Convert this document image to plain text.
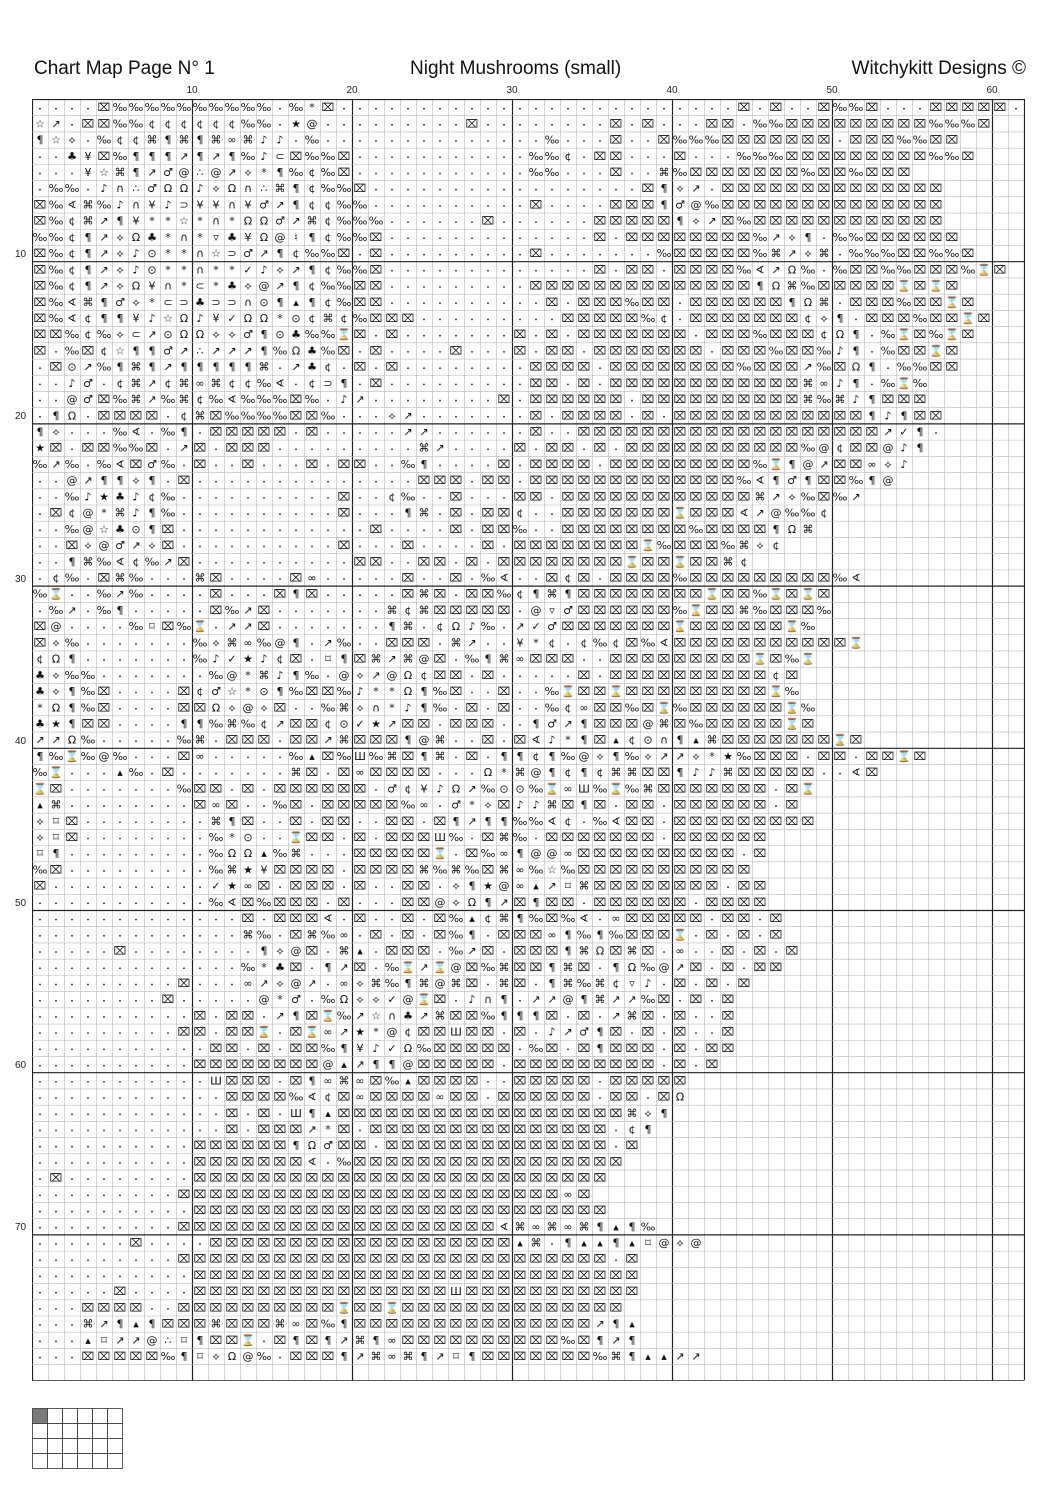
Chart Map Page N° 1	Night Mushrooms (small)	Witchykitt Designs ©
10	20	30	40	50	60
10
20
30
40
50
60
70
⌧ ‰ ‰ ‰ ‰ ‰ ‰ ‰ ‰ ‰ ‰ ‰ * ⌧	⌧ ⌧	⌧ ‰ ‰ ⌧	⌧ ⌧ ⌧ ⌧ ⌧
☆ ↗ ⌧ ⌧ ‰ ‰ ¢ ¢ ¢ ¢ ¢ ¢ ‰ ‰ ★ @	⌧	⌧ ⌧	⌧ ⌧ ‰ ‰ ⌧ ⌧ ⌧ ⌧ ⌧ ⌧ ⌧ ⌧ ⌧ ‰ ‰ ‰ ⌧
¶ ☆ ⟡ ‰ ¢ ¢ ⌘ ¶ ⌘ ¶ ⌘ ∞ ⌘ ♪ ♪ ‰	‰	⌧	⌧ ‰ ‰ ‰ ⌧ ⌧ ⌧ ⌧ ⌧ ⌧ ⌧ ⌧ ⌧ ⌧ ‰ ‰ ⌧ ⌧
♣ ¥ ⌧ ‰ ¶ ¶ ¶ ↗ ¶ ↗ ¶ ‰ ♪ ⊂ ⌧ ‰ ‰ ⌧	‰ ‰ ¢ ⌧ ⌧	⌧	‰ ‰ ‰ ⌧ ⌧ ⌧ ⌧ ⌧ ⌧ ⌧ ⌧ ⌧ ‰ ‰ ⌧
¥ ☆ ⌘ ¶ ↗ ♂ @ ∴ @ ↗ ⟡ * ¶ ‰ ¢ ‰ ⌧	‰ ‰	⌧	⌘ ‰ ⌧ ⌧ ⌧ ⌧ ⌧ ⌧ ⌧ ‰ ⌧ ⌧ ‰ ⌧ ⌧ ⌧
‰ ‰ ♪ ∩ ∴ ♂ Ω Ω ♪ ⟡ Ω ∩ ∴ ⌘ ¶ ¢ ‰ ‰ ⌧	⌧ ¶ ⟡ ↗ ⌧ ⌧ ⌧ ⌧ ⌧ ⌧ ⌧ ⌧ ⌧ ⌧ ⌧ ⌧ ⌧ ⌧
⌧ ‰ ∢ ⌘ ‰ ♪ ∩ ¥ ♪ ⊃ ¥ ¥ ∩ ¥ ♂ ↗ ¶ ¢ ¢ ‰ ‰	⌧	⌧ ⌧ ⌧ ¶ ♂ @ ‰ ⌧ ⌧ ⌧ ⌧ ⌧ ⌧ ⌧ ⌧ ⌧ ⌧ ⌧ ⌧ ⌧ ⌧
⌧ ‰ ¢ ⌘ ↗ ¶ ¥ * * ☆ * ∩ * Ω Ω ♂ ↗ ⌘ ¢ ‰ ‰ ‰	⌧	⌧ ⌧ ⌧ ⌧ ⌧ ¶ ⟡ ↗ ⌧ ‰ ⌧ ⌧ ⌧ ⌧ ⌧ ⌧ ⌧ ⌧ ⌧ ⌧ ⌧ ⌧
‰ ‰ ¢ ¶ ↗ ⟡ Ω ♣ * ∩ * ▿ ♣ ¥ Ω @ ♮ ¶ ¢ ‰ ‰ ⌧	⌧ ⌧ ⌧ ⌧ ⌧ ⌧ ⌧ ⌧ ⌧ ‰ ↗ ⟡ ¶ ‰ ‰ ⌧ ⌧ ⌧ ⌧ ⌧ ⌧
⌧ ‰ ¢ ¶ ↗ ⟡ ♪ ⊙ * * ∩ ☆ ⊃ ♂ ↗ ¶ ¢ ‰ ‰ ⌧ ⌧	⌧	‰ ⌧ ⌧ ⌧ ⌧ ⌧ ‰ ⌘ ↗ ⟡ ⌘ ‰ ‰ ‰ ⌧ ⌧ ‰ ‰ ⌧
⌧ ‰ ¢ ¶ ↗ ⟡ ♪ ⊙ * * ∩ * * ✓ ♪ ⟡ ↗ ¶ ¢ ‰ ‰ ⌧	⌧ ⌧ ⌧ ⌧ ⌧ ⌧ ⌧ ‰ ∢ ↗ Ω ‰ ‰ ⌧ ⌧ ‰ ‰ ⌧ ⌧ ⌧ ‰ ⌛ ⌧
⌧ ‰ ¢ ¶ ↗ ⟡ Ω ¥ ∩ * ⊂ * ♣ ⟡ @ ↗ ¶ ¢ ‰ ‰ ⌧ ⌧	⌧ ⌧ ⌧ ⌧ ⌧ ⌧ ⌧ ⌧ ⌧ ⌧ ⌧ ⌧ ⌧ ⌧ ¶ Ω ⌘ ‰ ⌧ ⌧ ⌧ ⌧ ⌧ ⌛ ⌧ ⌛ ⌧
⌧ ‰ ∢ ⌘ ¶ ♂ ⟡ * ⊂ ⊃ ♣ ⊃ ⊃ ∩ ⊙ ¶ ▴ ¶ ¢ ‰ ⌧ ⌧	⌧ ⌧ ⌧ ⌧ ‰ ⌧ ⌧ ⌧ ⌧ ⌧ ⌧ ⌧ ⌧ ¶ Ω ⌘ ⌧ ⌧ ⌧ ‰ ⌧ ⌧ ⌛ ⌧
⌧ ‰ ∢ ¢ ¶ ¶ ¥ ♪ ☆ Ω ♪ ¥ ✓ Ω Ω * ⊙ ¢ ⌘ ¢ ‰ ⌧ ⌧ ⌧	⌧ ⌧ ⌧ ⌧ ⌧ ‰ ¢ ⌧ ⌧ ⌧ ⌧ ⌧ ⌧ ⌧ ¢ ⟡ ¶ ⌧ ⌧ ⌧ ‰ ⌧ ⌧ ⌛ ⌧
⌧ ⌧ ‰ ¢ ‰ ⟡ ⊂ ↗ ⊙ Ω Ω ⟡ ⟡ ♂ ¶ ⊙ ♣ ‰ ‰ ⌛ ⌧ ⌧	⌧ ⌧ ⌧ ⌧ ⌧ ⌧ ⌧ ⌧ ⌧ ⌧ ⌧ ⌧ ‰ ⌧ ⌧ ⌧ ¢ Ω ¶ ‰ ⌛ ⌧ ‰ ⌛ ⌧
⌧ ‰ ⌧ ¢ ☆ ¶ ¶ ♂ ↗ ∴ ↗ ↗ ↗ ¶ ‰ Ω ♣ ‰ ⌧ ⌧	⌧	⌧ ⌧ ⌧ ⌧ ⌧ ⌧ ⌧ ⌧ ⌧ ⌧ ⌧ ⌧ ⌧ ‰ ⌧ ⌧ ‰ ♪ ¶ ‰ ⌧ ⌧ ⌛ ⌧
⌧ ⊙ ↗ ‰ ¶ ⌘ ¶ ↗ ¶ ¶ ¶ ¶ ¶ ⌘ ↗ ♣ ¢ ⌧ ⌧	⌧ ⌧ ⌧ ⌧ ⌧ ⌧ ⌧ ⌧ ⌧ ⌧ ⌧ ⌧ ‰ ⌧ ⌧ ⌧ ↗ ‰ ⌧ Ω ¶ ‰ ‰ ⌧ ⌧
♪ ♂ ¢ ⌘ ↗ ¢ ⌘ ∞ ⌘ ¢ ¢ ‰ ∢ ¢ ⊃ ¶ ⌧	⌧ ⌧ ⌧ ⌧ ⌧ ⌧ ⌧ ⌧ ⌧ ⌧ ⌧ ⌧ ⌧ ⌧ ⌧ ⌘ ∞ ♪ ¶ ‰ ⌛ ‰
@ ♂ ⌧ ‰ ⌘ ↗ ‰ ⌘ ¢ ‰ ∢ ‰ ‰ ‰ ⌧ ‰ ♪ ↗	⌧ ⌧ ⌧ ⌧ ⌧ ⌧ ⌧ ⌧ ⌧ ⌧ ⌧ ⌧ ⌧ ⌧ ⌧ ⌧ ⌧ ⌘ ‰ ⌘ ♪ ¶ ⌧ ⌧ ⌧
¶ Ω ⌧ ⌧ ⌧ ⌧ ¢ ⌘ ⌧ ‰ ‰ ‰ ‰ ⌧ ⌧ ‰	⟡ ↗	⌧ ⌧ ⌧ ⌧ ⌧ ⌧ ⌧ ⌧ ⌧ ⌧ ⌧ ⌧ ⌧ ⌧ ⌧ ⌧ ⌧ ⌧ ¶ ♪ ¶ ⌧ ⌧
¶ ⟡	‰ ∢ ‰ ¶ ⌧ ⌧ ⌧ ⌧ ⌧ ⌧	↗ ↗	⌧	⌧ ⌧ ⌧ ⌧ ⌧ ⌧ ⌧ ⌧ ⌧ ⌧ ⌧ ⌧ ⌧ ⌧ ⌧ ⌧ ⌧ ⌧ ⌧ ↗ ✓ ¶
★ ⌧ ⌧ ⌧ ‰ ‰ ⌧ ↗ ⌧ ⌧ ⌧ ⌧	⌘ ↗	⌧ ⌧ ⌧ ⌧ ⌧ ⌧ ⌧ ⌧ ⌧ ⌧ ⌧ ⌧ ⌧ ⌧ ⌧ ‰ @ ¢ ⌧ ⌧ @ ♪ ¶
‰ ↗ ‰ ‰ ∢ ⌧ ♂ ‰ ⌧	⌧	⌧ ⌧ ⌧	‰ ¶	⌧ ⌧ ⌧ ⌧ ⌧ ⌧ ⌧ ⌧ ⌧ ⌧ ⌧ ⌧ ⌧ ⌧ ‰ ⌛ ¶ @ ↗ ⌧ ⌧ ∞ ⟡ ♪
@ ↗ ¶ ¶ ⟡ ¶ ⌧	⌧ ⌧ ⌧ ⌧ ⌧ ⌧ ⌧ ⌧ ⌧ ⌧ ⌧ ⌧ ⌧ ⌧ ⌧ ⌧ ⌧ ⌧ ‰ ∢ ¶ ♂ ¶ ⌧ ⌧ ‰ ¶ @
‰ ♪ ★ ♣ ♪ ¢ ‰	⌧	¢ ‰	⌧	⌧ ⌧ ⌧ ⌧ ⌧ ⌧ ⌧ ⌧ ⌧ ⌧ ⌧ ⌧ ⌧ ⌧ ⌘ ↗ ⟡ ‰ ⌧ ‰ ↗
⌧ ¢ @ * ⌘ ♪ ¶ ‰	⌧	¶ ⌘ ⌧ ⌧ ⌧ ¢	⌧ ⌧ ⌧ ⌧ ⌧ ⌧ ⌧ ⌛ ⌧ ⌧ ⌧ ∢ ↗ @ ‰ ‰ ¢
‰ @ ☆ ♣ ⊙ ¶ ⌧	⌧	⌧ ⌧ ⌧ ‰	⌧ ⌧ ⌧ ⌧ ⌧ ⌧ ⌧ ⌧ ‰ ⌧ ⌧ ⌧ ⌧ ¶ Ω ⌘
⌧ ⟡ @ ♂ ↗ ⟡ ⌧	⌧	⌧	⌧ ⌧ ⌧ ⌧ ⌧ ⌧ ⌧ ⌧ ⌧ ⌛ ‰ ⌧ ⌧ ⌧ ‰ ⌘ ⟡ ¢
¶ ⌘ ‰ ∢ ¢ ‰ ↗ ⌧	⌧ ⌧	⌧ ⌧ ⌧ ⌧ ⌧ ⌧ ⌧ ⌧ ⌧ ⌧ ⌧ ⌛ ⌧ ⌧ ⌛ ⌧ ⌧ ⌘ ¢
¢ ‰ ⌧ ⌘ ‰	⌘ ⌧	⌧ ∞	⌧	⌧ ‰ ∢	⌧ ¢ ⌧ ⌧ ⌧ ⌧ ⌧ ‰ ⌧ ⌧ ⌧ ⌧ ⌧ ⌧ ⌧ ⌧ ⌧ ‰ ∢
‰ ⌛	‰ ↗ ‰	⌧	⌧ ¶ ⌧	⌧ ⌘ ⌧ ⌧ ⌧ ‰ ¢ ¶ ⌘ ¶ ⌧ ⌧ ⌧ ⌧ ⌧ ⌧ ⌧ ⌧ ⌛ ⌧ ⌧ ‰ ⌛ ⌧ ⌛ ⌧
‰ ↗ ‰ ¶	⌧ ‰ ↗ ⌧	⌘ ¢ ⌘ ⌧ ⌧ ⌧ ⌧ ⌧ @ ▿ ♂ ⌧ ⌧ ⌧ ⌧ ⌧ ⌧ ‰ ⌛ ⌧ ⌧ ⌘ ‰ ⌧ ⌧ ⌧ ‰
⌧ @	‰ ⌑ ⌧ ‰ ⌛ ↗ ↗ ⌧	¶ ⌘ ¢ Ω ♪ ‰ ↗ ✓ ♂ ⌧ ⌧ ⌧ ⌧ ⌧ ⌧ ⌧ ⌛ ⌧ ⌧ ⌧ ⌧ ⌧ ⌧ ⌛ ‰
⌧ ⟡ ‰	‰ ⟡ ⌘ ∞ ‰ @ ¶ ↗ ‰	⌧ ⌧ ⌧ ⌘ ↗	¥ * ¢ ¢ ‰ ¢ ⌧ ‰ ∢ ⌧ ⌧ ⌧ ⌧ ⌧ ⌧ ⌧ ⌧ ⌧ ⌧ ⌧ ⌛
¢ Ω ¶	‰ ♪ ✓ ★ ♪ ¢ ⌧ ⌑ ¶ ⌧ ⌘ ↗ ⌘ @ ⌧ ‰ ¶ ⌘ ∞ ⌧ ⌧ ⌧	⌧ ⌧ ⌧ ⌧ ⌧ ⌧ ⌧ ⌧ ⌧ ⌛ ⌧ ‰ ⌛
♣ ⟡ ‰ ‰	‰ @ * ⌘ ♪ ¶ ‰ @ ⟡ ↗ @ Ω ¢ ⌧ ⌧ ⌧	⌧ ⌧ ⌧ ⌧ ⌧ ⌧ ⌧ ⌧ ⌧ ⌧ ⌧ ¢ ⌧
♣ ⟡ ¶ ‰ ⌧	⌧ ¢ ♂ ☆ * ⊙ ¶ ‰ ⌧ ⌧ ‰ ♪ * * Ω ¶ ‰ ⌧	⌧	‰ ⌛ ⌧ ⌧ ⌛ ⌧ ⌧ ⌧ ⌧ ⌧ ⌧ ⌧ ⌧ ⌧ ⌛ ‰
* Ω ¶ ‰ ⌧	⌧ ⌧ Ω ⟡ @ ⟡ ⌧	‰ ⌘ ⟡ ∩ * ♪ ¶ ‰ ⌧ ⌧	‰ ¢ ∞ ⌧ ⌧ ‰ ⌧ ⌛ ‰ ⌧ ⌧ ⌧ ⌧ ⌧ ⌧ ⌛ ‰
♣ ★ ¶ ⌧ ⌧	¶ ¶ ‰ ⌘ ‰ ¢ ↗ ⌧ ⌧ ¢ ⊙ ✓ ★ ↗ ⌧ ⌧ ⌧ ⌧ ⌧	¶ ♂ ↗ ¶ ⌧ ⌧ ⌧ @ ⌘ ⌧ ‰ ⌧ ⌧ ⌧ ⌧ ⌧ ⌛ ⌧
↗ ↗ Ω ‰	‰ ⌘ ⌧ ⌧ ⌧ ⌧ ⌧ ↗ ⌘ ⌧ ⌧ ⌧ ¶ @ ⌘	⌧ ⌧ ∢ ♪ * ¶ ⌧ ▴ ¢ ⊙ ∩ ¶ ▴ ⌘ ⌧ ⌧ ⌧ ⌧ ⌧ ⌧ ⌧ ⌛ ⌧
¶ ‰ ⌛ ‰ @ ‰	⌧ ∞	‰ ▴ ⌧ ‰ Ш ‰ ⌘ ⌧ ¶ ⌘ ⌧ ¶ ¶ ¢ ¶ ‰ @ ⟡ ¶ ‰ ⟡ ↗ ↗ ⟡ * ★ ‰ ⌧ ⌧ ⌧ ⌧ ⌧ ⌧ ⌧ ⌛ ⌧
‰ ⌛	▴ ‰ ⌧	⌘ ⌧ ⌧ ∞ ⌧ ⌧ ⌧ ⌧	Ω * ⌘ @ ¶ ¢ ¶ ¢ ⌘ ⌘ ⌧ ⌧ ¶ ♪ ♪ ⌘ ⌧ ⌧ ⌧ ⌧ ⌧	∢ ⌧
⌛ ⌧	‰ ⌧ ⌧ ⌧ ⌧ ⌧ ⌧ ⌧ ⌧ ⌧ ♂ ¢ ¥ ♪ Ω ↗ ‰ ⊙ ⊙ ‰ ⌛ ∞ Ш ‰ ⌛ ‰ ⌘ ⌧ ⌧ ⌧ ⌧ ⌧ ⌧ ⌧ ⌧ ⌛
▴ ⌘	⌧ ∞ ⌧	‰ ⌧ ⌧ ⌧ ⌧ ⌧ ⌧ ‰ ∞ ♂ * ⟡ ⌧ ♪ ♪ ⌘ ⌧ ¶ ⌧ ⌧ ⌧ ⌧ ⌧ ⌧ ⌧ ⌧ ⌧ ⌧
⟡ ⌑ ⌧	⌘ ¶ ⌧	⌧ ⌧ ⌧	⌧ ⌧ ⌧ ¶ ↗ ¶ ¶ ‰ ‰ ∢ ¢ ‰ ∢ ⌧ ⌧ ⌧ ⌧ ⌧ ⌧ ⌧ ⌧ ⌧ ⌧ ⌧
⟡ ⌑ ⌧	‰ * ⊙	⌛ ⌧ ⌧ ⌧ ⌧ ⌧ ⌧ Ш ‰ ⌧ ⌘ ‰ ⌧ ⌧ ⌧ ⌧ ⌧ ⌧ ⌧ ⌧ ⌧ ⌧ ⌧ ⌧ ⌧
⌑ ¶	‰ Ω Ω ▴ ‰ ⌘	⌧ ⌧ ⌧ ⌧ ⌧ ⌛ ⌧ ‰ ∞ ¶ @ @ ∞ ⌧ ⌧ ⌧ ⌧ ⌧ ⌧ ⌧ ⌧ ⌧ ⌧ ⌧
‰ ⌧	‰ ⌘ ★ ¥ ⌧ ⌧ ⌧ ⌧ ⌧ ⌧ ⌧ ⌧ ⌘ ‰ ⌘ ‰ ⌧ ⌘ ∞ ‰ ☆ ‰ ⌧ ⌧ ⌧ ⌧ ⌧ ⌧ ⌧ ⌧ ⌧ ⌧ ⌧
⌧	✓ ★ ∞ ⌧ ⌧ ⌧ ⌧ ⌧	⌧ ⌧ ⟡ ¶ ★ @ ∞ ▴ ↗ ⌑ ⌘ ⌧ ⌧ ⌧ ⌧ ⌧ ⌧ ⌧ ⌧ ⌧ ⌧
‰ ∢ ⌧ ‰ ⌧ ⌧ ⌧ ⌧	⌧ ⌧ @ ⟡ Ω ¶ ↗ ⌧ ¶ ⌧ ⌧ ⌧ ⌧ ⌧ ⌧ ⌧ ⌧ ⌧ ⌧ ⌧ ⌧
⌧ ⌧ ⌧ ⌧ ∢ ⌧	⌧ ⌧ ‰ ▴ ¢ ⌘ ¶ ‰ ⌧ ‰ ∢ ∞ ⌧ ⌧ ⌧ ⌧ ⌧ ⌧ ⌧ ⌧
⌘ ‰ ⌧ ⌘ ‰ ∞ ⌧ ⌧ ⌧ ‰ ¶ ⌧ ⌧ ⌧ ∞ ¶ ‰ ¶ ‰ ⌧ ⌧ ⌧ ⌛ ⌧ ⌧ ⌧
⌧	¶ ⟡ @ ⌧ ⌘ ▴ ⌧ ⌧ ⌧ ‰ ↗ ⌧ ⌧ ⌧ ⌧ ¶ ⌘ Ω ⌧ ⌘ ⌧ ∞	⌧ ⌧ ⌧
‰ * ♣ ⌧ ¶ ↗ ⌧ ‰ ⌛ ↗ ⌛ @ ⌧ ‰ ⌘ ⌧ ⌧ ¶ ⌘ ⌧ ¶ Ω ‰ @ ↗ ⌧ ⌧ ⌧ ⌧
⌧	∞ ↗ ⟡ @ ↗ ∞ ⟡ ⌘ ‰ ¶ ⌘ @ ⌘ ⌧ ⌘ ⌧ ¶ ⌘ ‰ ⌘ ¢ ▿ ♪ ⌧ ⌧ ⌧
⌧	@ * ♂ ‰ Ω ⟡ ⟡ ✓ @ ⌛ ⌧ ♪ ∩ ¶ ↗ ↗ @ ¶ ⌘ ↗ ↗ ‰ ⌧ ⌧ ⌧
⌧ ⌧ ⌧ ↗ ¶ ⌧ ⌛ ‰ ↗ ☆ ∩ ♣ ↗ ⌘ ⌧ ⌧ ‰ ¶ ¶ ¶ ⌧ ⌧ ↗ ⌘ ⌧ ⌧	⌧
⌧ ⌧ ⌧ ⌧ ⌛ ⌧ ⌛ ∞ ↗ ★ * @ ¢ ⌧ ⌧ Ш ⌧ ⌧ ⌧ ♪ ↗ ♂ ¶ ⌧ ⌧ ⌧	⌧
⌧ ⌧ ⌧ ⌧ ⌧ ‰ ¶ ¥ ♪ ✓ Ω ‰ ⌧ ⌧ ⌧ ⌧ ⌧ ‰ ⌧ ⌧ ¶ ⌧ ⌧ ⌧ ⌧ ⌧ ⌧
⌧ ⌧ ⌧ ⌧ ⌧ ⌧ ⌧ ⌧ @ ▴ ↗ ¶ ¶ @ ⌧ ⌧ ⌧ ⌧ ⌧ ⌧ ⌧ ⌧ ⌧ ⌧ ⌧ ⌧ ⌧ ⌧ ⌧ ⌧
Ш ⌧ ⌧ ⌧ ⌧ ¶ ∞ ⌘ ∞ ⌧ ‰ ▴ ⌧ ⌧ ⌧ ⌧	⌧ ⌧ ⌧ ⌧ ⌧ ⌧ ⌧ ⌧ ⌧ ⌧
⌧ ⌧ ⌧ ⌧ ‰ ∢ ¢ ⌧ ∞ ⌧ ⌧ ⌧ ⌧ ∞ ⌧ ⌧ ⌧ ⌧ ⌧ ⌧ ⌧ ⌧ ⌧ ⌧ ⌧ Ω
⌧ ⌧ Ш ¶ ▴ ⌧ ⌧ ⌧ ⌧ ⌧ ⌧ ⌧ ⌧ ⌧ ⌧ ⌧ ⌧ ⌧ ⌧ ⌧ ⌧ ⌧ ⌧ ⌘ ⟡ ¶
⌧ ⌧ ⌧ ⌧ ↗ * ⌧ ⌧ ⌧ ⌧ ⌧ ⌧ ⌧ ⌧ ⌧ ⌧ ⌧ ⌧ ⌧ ⌧ ⌧ ⌧ ¢ ¶
⌧ ⌧ ⌧ ⌧ ⌧ ⌧ ¶ Ω ♂ ⌧ ⌧ ⌧ ⌧ ⌧ ⌧ ⌧ ⌧ ⌧ ⌧ ⌧ ⌧ ⌧ ⌧ ⌧ ⌧ ⌧
⌧ ⌧ ⌧ ⌧ ⌧ ⌧ ⌧ ∢ ‰ ⌧ ⌧ ⌧ ⌧ ⌧ ⌧ ⌧ ⌧ ⌧ ⌧ ⌧ ⌧ ⌧ ⌧ ⌧ ⌧ ⌧
⌧	⌧ ⌧ ⌧ ⌧ ⌧ ⌧ ⌧ ⌧ ⌧ ⌧ ⌧ ⌧ ⌧ ⌧ ⌧ ⌧ ⌧ ⌧ ⌧ ⌧ ⌧ ⌧ ⌧ ⌧ ⌧ ⌧
⌧ ⌧ ⌧ ⌧ ⌧ ⌧ ⌧ ⌧ ⌧ ⌧ ⌧ ⌧ ⌧ ⌧ ⌧ ⌧ ⌧ ⌧ ⌧ ⌧ ⌧ ⌧ ⌧ ⌧ ∞ ⌧
⌧ ⌧ ⌧ ⌧ ⌧ ⌧ ⌧ ⌧ ⌧ ⌧ ⌧ ⌧ ⌧ ⌧ ⌧ ⌧ ⌧ ⌧ ⌧ ⌧ ⌧ ⌧ ⌧ ⌧ ⌧ ⌧
⌧ ⌧ ⌧ ⌧ ⌧ ⌧ ⌧ ⌧ ⌧ ⌧ ⌧ ⌧ ⌧ ⌧ ⌧ ⌧ ⌧ ⌧ ⌧ ⌧ ∢ ⌘ ∞ ⌘ ∞ ⌘ ¶ ▴ ¶ ‰
⌧	⌧ ⌧ ⌧ ⌧ ⌧ ⌧ ⌧ ⌧ ⌧ ⌧ ⌧ ⌧ ⌧ ⌧ ⌧ ⌧ ⌧ ⌧ ⌧ ▴ ⌘ ¶ ▴ ▴ ¶ ▴ ⌑ @ ⟡ @
⌧ ⌧ ⌧ ⌧ ⌧ ⌧ ⌧ ⌧ ⌧ ⌧ ⌧ ⌧ ⌧ ⌧ ⌧ ⌧ ⌧ ⌧ ⌧ ⌧ ⌧ ⌧ ⌧ ⌧ ⌧ ⌧ ⌧ ⌧
⌧ ⌧ ⌧ ⌧ ⌧ ⌧ ⌧ ⌧ ⌧ ⌧ ⌧ ⌧ ⌧ ⌧ ⌧ ⌧ ⌧ ⌧ ⌧ ⌧ ⌧ ⌧ ⌧ ⌧ ⌧ ⌧ ⌧ ⌧
⌧	⌧ ⌧ ⌧ ⌧ ⌧ ⌧ ⌧ ⌧ ⌧ ⌧ ⌧ ⌧ ⌧ ⌧ ⌧ ⌧ Ш ⌧ ⌧ ⌧ ⌧ ⌧ ⌧ ⌧ ⌧ ⌧ ⌧ ⌧
⌧ ⌧ ⌧ ⌧	⌧ ⌧ ⌧ ⌧ ⌧ ⌧ ⌧ ⌧ ⌧ ⌧ ⌛ ⌧ ⌧ ⌛ ⌧ ⌧ ⌧ ⌧ ⌧ ⌧ ⌧ ⌧ ⌧ ⌧ ⌧ ⌧ ⌧ ⌧
⌘ ↗ ¶ ▴ ¶ ⌧ ⌧ ⌧ ⌘ ⌧ ⌧ ⌧ ⌘ ∞ ⌧ ‰ ¶ ⌧ ⌧ ⌧ ⌧ ⌧ ⌧ ⌧ ⌧ ⌧ ⌧ ⌧ ⌧ ⌧ ⌧ ⌧ ↗ ¶ ▴
▴ ⌑ ↗ ↗ @ ∴ ⌑ ¶ ⌧ ⌧ ⌛ ⌧ ¶ ⌧ ¶ ↗ ⌘ ¶ ∞ ⌧ ⌧ ⌧ ⌧ ⌧ ⌧ ⌧ ⌧ ⌧ ⌧ ‰ ⌧ ¶ ↗ ¶
⌧ ⌧ ⌧ ⌧ ⌧ ‰ ¶ ⌑ ⟡ Ω @ ‰ ⌧ ⌧ ⌧ ¶ ↗ ⌘ ∞ ⌘ ¶ ↗ ⌑ ¶ ⌧ ⌧ ⌧ ⌧ ⌧ ⌧ ⌧ ‰ ⌘ ¶ ▴ ▴ ↗ ↗
